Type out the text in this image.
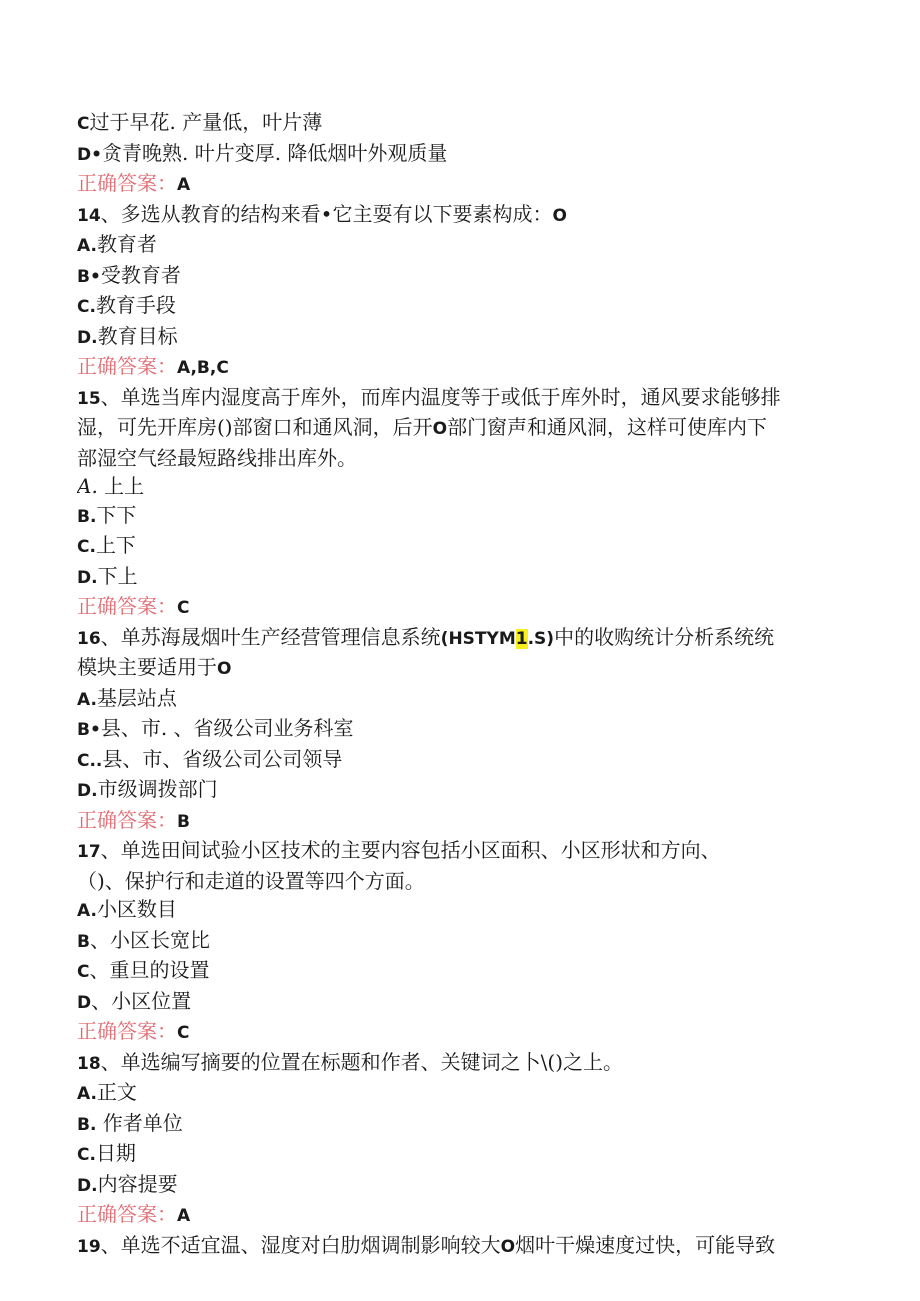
C过于早花. 产量低，叶片薄
D•贪青晚熟. 叶片变厚. 降低烟叶外观质量
正确答案：A
14、多选从教育的结构来看•它主耍有以下要素构成：O
A.教育者
B•受教育者
C.教育手段
D.教育目标
正确答案：A,B,C
15、单选当库内湿度高于库外，而库内温度等于或低于库外时，通风要求能够排
湿，可先开库房()部窗口和通风洞，后开O部门窗声和通风洞，这样可使库内下
部湿空气经最短路线排出库外。
A. 上上
B.下下
C.上下
D.下上
正确答案：C
16、单苏海晟烟叶生产经营管理信息系统(HSTYM1.S)中的收购统计分析系统统
模块主要适用于O
A.基层站点
B•县、市. 、省级公司业务科室
C..县、市、省级公司公司领导
D.市级调拨部门
正确答案：B
17、单选田间试验小区技术的主要内容包括小区面积、小区形状和方向、
（)、保护行和走道的设置等四个方面。
A.小区数目
B、小区长宽比
C、重旦的设置
D、小区位置
正确答案：C
18、单选编写摘要的位置在标题和作者、关键词之卜\()之上。
A.正文
B. 作者单位
C.日期
D.内容提要
正确答案：A
19、单选不适宜温、湿度对白肋烟调制影响较大O烟叶干燥速度过快，可能导致
